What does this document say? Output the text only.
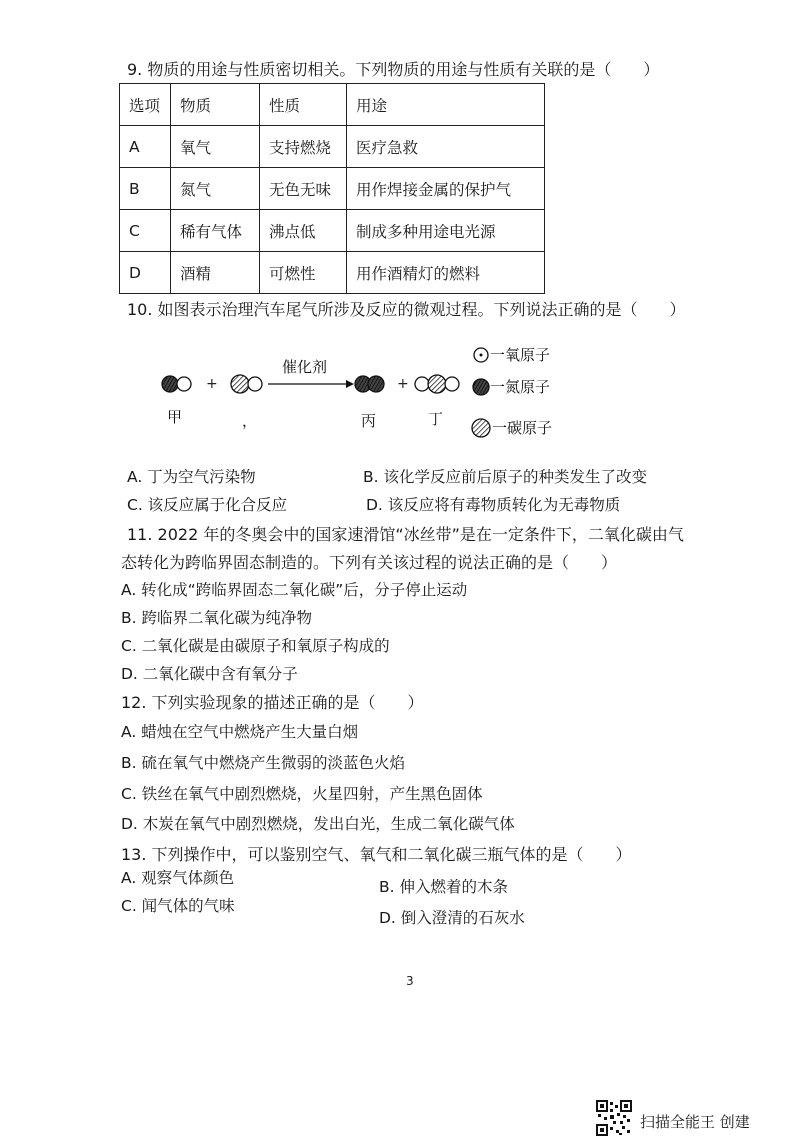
9. 物质的用途与性质密切相关。下列物质的用途与性质有关联的是（　　）
选项	物质	性质	用途
A	氧气	支持燃烧	医疗急救
B	氮气	无色无味	用作焊接金属的保护气
C	稀有气体	沸点低	制成多种用途电光源
D	酒精	可燃性	用作酒精灯的燃料
10. 如图表示治理汽车尾气所涉及反应的微观过程。下列说法正确的是（　　）
+
催化剂
+
甲	，	丙	丁
一氧原子
一氮原子
一碳原子
A. 丁为空气污染物	B. 该化学反应前后原子的种类发生了改变
C. 该反应属于化合反应	D. 该反应将有毒物质转化为无毒物质
11. 2022 年的冬奥会中的国家速滑馆“冰丝带”是在一定条件下，二氧化碳由气
态转化为跨临界固态制造的。下列有关该过程的说法正确的是（　　）
A. 转化成“跨临界固态二氧化碳”后，分子停止运动
B. 跨临界二氧化碳为纯净物
C. 二氧化碳是由碳原子和氧原子构成的
D. 二氧化碳中含有氧分子
12. 下列实验现象的描述正确的是（　　）
A. 蜡烛在空气中燃烧产生大量白烟
B. 硫在氧气中燃烧产生微弱的淡蓝色火焰
C. 铁丝在氧气中剧烈燃烧，火星四射，产生黑色固体
D. 木炭在氧气中剧烈燃烧，发出白光，生成二氧化碳气体
13. 下列操作中，可以鉴别空气、氧气和二氧化碳三瓶气体的是（　　）
A. 观察气体颜色	B. 伸入燃着的木条
C. 闻气体的气味
D. 倒入澄清的石灰水
3
扫描全能王 创建
